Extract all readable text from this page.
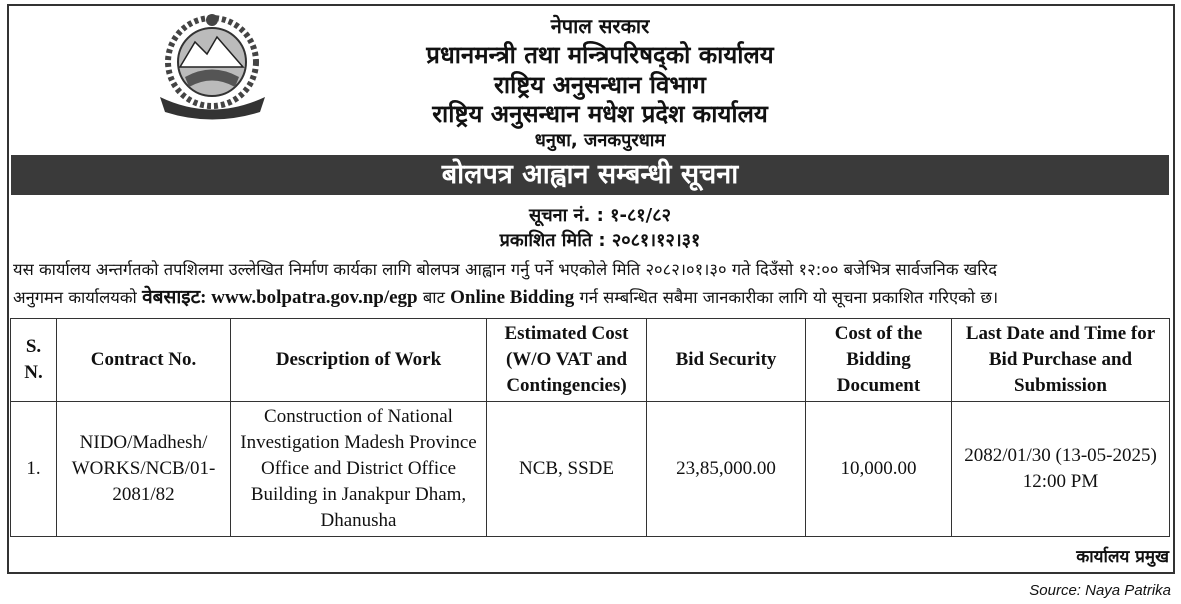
नेपाल सरकार
प्रधानमन्त्री तथा मन्त्रिपरिषद्को कार्यालय
राष्ट्रिय अनुसन्धान विभाग
राष्ट्रिय अनुसन्धान मधेश प्रदेश कार्यालय
धनुषा, जनकपुरधाम
बोलपत्र आह्वान सम्बन्धी सूचना
सूचना नं. : १-८१/८२
प्रकाशित मिति : २०८१।१२।३१
यस कार्यालय अन्तर्गतको तपशिलमा उल्लेखित निर्माण कार्यका लागि बोलपत्र आह्वान गर्नु पर्ने भएकोले मिति २०८२।०१।३० गते दिउँसो १२:०० बजेभित्र सार्वजनिक खरिद
अनुगमन कार्यालयको वेबसाइट: www.bolpatra.gov.np/egp बाट Online Bidding गर्न सम्बन्धित सबैमा जानकारीका लागि यो सूचना प्रकाशित गरिएको छ।
S. N.	Contract No.	Description of Work	Estimated Cost (W/O VAT and Contingencies)	Bid Security	Cost of the Bidding Document	Last Date and Time for Bid Purchase and Submission
1.	NIDO/Madhesh/ WORKS/NCB/01-2081/82	Construction of National Investigation Madesh Province Office and District Office Building in Janakpur Dham, Dhanusha	NCB, SSDE	23,85,000.00	10,000.00	2082/01/30 (13-05-2025) 12:00 PM
कार्यालय प्रमुख
Source: Naya Patrika
